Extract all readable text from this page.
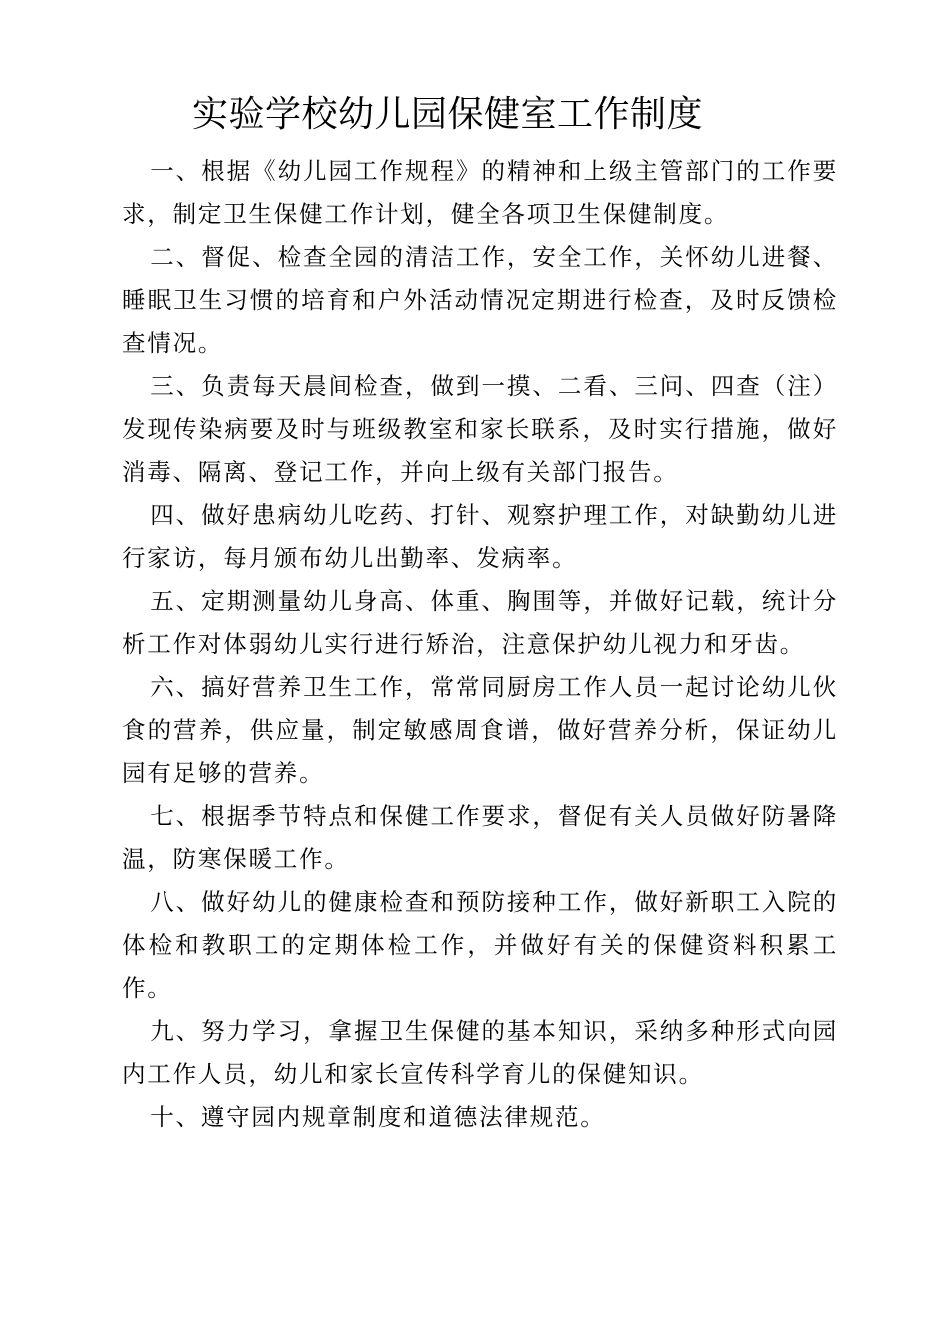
实验学校幼儿园保健室工作制度

一、根据《幼儿园工作规程》的精神和上级主管部门的工作要求，制定卫生保健工作计划，健全各项卫生保健制度。

二、督促、检查全园的清洁工作，安全工作，关怀幼儿进餐、睡眠卫生习惯的培育和户外活动情况定期进行检查，及时反馈检查情况。

三、负责每天晨间检查，做到一摸、二看、三问、四查（注）发现传染病要及时与班级教室和家长联系，及时实行措施，做好消毒、隔离、登记工作，并向上级有关部门报告。

四、做好患病幼儿吃药、打针、观察护理工作，对缺勤幼儿进行家访，每月颁布幼儿出勤率、发病率。

五、定期测量幼儿身高、体重、胸围等，并做好记载，统计分析工作对体弱幼儿实行进行矫治，注意保护幼儿视力和牙齿。

六、搞好营养卫生工作，常常同厨房工作人员一起讨论幼儿伙食的营养，供应量，制定敏感周食谱，做好营养分析，保证幼儿园有足够的营养。

七、根据季节特点和保健工作要求，督促有关人员做好防暑降温，防寒保暖工作。

八、做好幼儿的健康检查和预防接种工作，做好新职工入院的体检和教职工的定期体检工作，并做好有关的保健资料积累工作。

九、努力学习，拿握卫生保健的基本知识，采纳多种形式向园内工作人员，幼儿和家长宣传科学育儿的保健知识。

十、遵守园内规章制度和道德法律规范。
